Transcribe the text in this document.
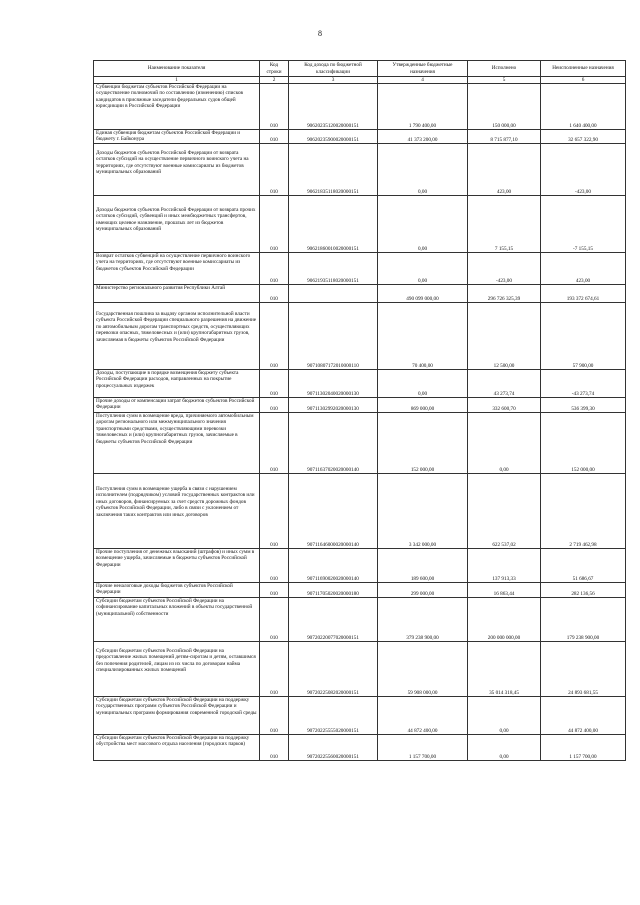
8
Наименование показателя	Код строки	Код дохода по бюджетной классификации	Утвержденные бюджетные назначения	Исполнено	Неисполненные назначения
1	2	3	4	5	6
Субвенции бюджетам субъектов Российской Федерации на осуществление полномочий по составлению (изменению) списков кандидатов в присяжные заседатели федеральных судов общей юрисдикции в Российской Федерации	010	90620235120020000151	1 790 400,00	150 000,00	1 640 400,00
Единая субвенция бюджетам субъектов Российской Федерации и бюджету г. Байконура	010	90620235900020000151	41 373 200,00	8 715 877,10	32 657 322,90
Доходы бюджетов субъектов Российской Федерации от возврата остатков субсидий на осуществление первичного воинского учета на территориях, где отсутствуют военные комиссариаты из бюджетов муниципальных образований	010	90621835118020000151	0,00	423,00	-423,00
Доходы бюджетов субъектов Российской Федерации от возврата прочих остатков субсидий, субвенций и иных межбюджетных трансфертов, имеющих целевое назначение, прошлых лет из бюджетов муниципальных образований	010	90621860010020000151	0,00	7 155,15	-7 155,15
Возврат остатков субвенций на осуществление первичного воинского учета на территориях, где отсутствуют военные комиссариаты из бюджетов субъектов Российской Федерации	010	90621935118020000151	0,00	-423,00	423,00
Министерство регионального развития Республики Алтай	010		490 099 000,00	296 726 325,39	193 372 674,61
Государственная пошлина за выдачу органом исполнительной власти субъекта Российской Федерации специального разрешения на движение по автомобильным дорогам транспортных средств, осуществляющих перевозки опасных, тяжеловесных и (или) крупногабаритных грузов, зачисляемая в бюджеты субъектов Российской Федерации	010	90710807172010000110	70 400,00	12 500,00	57 900,00
Доходы, поступающие в порядке возмещения бюджету субъекта Российской Федерации расходов, направленных на покрытие процессуальных издержек	010	90711302040020000130	0,00	43 273,74	-43 273,74
Прочие доходы от компенсации затрат бюджетов субъектов Российской Федерации	010	90711302992020000130	869 000,00	332 600,70	536 399,30
Поступления сумм в возмещение вреда, причиняемого автомобильным дорогам регионального или межмуниципального значения транспортными средствами, осуществляющими перевозки тяжеловесных и (или) крупногабаритных грузов, зачисляемые в бюджеты субъектов Российской Федерации	010	90711637020020000140	152 000,00	0,00	152 000,00
Поступления сумм в возмещение ущерба в связи с нарушением исполнителем (подрядчиком) условий государственных контрактов или иных договоров, финансируемых за счет средств дорожных фондов субъектов Российской Федерации, либо в связи с уклонением от заключения таких контрактов или иных договоров	010	90711646000020000140	3 342 000,00	622 537,02	2 719 462,98
Прочие поступления от денежных взысканий (штрафов) и иных сумм в возмещение ущерба, зачисляемые в бюджеты субъектов Российской Федерации	010	90711690020020000140	189 600,00	137 913,33	51 686,67
Прочие неналоговые доходы бюджетов субъектов Российской Федерации	010	90711705020020000180	299 000,00	16 863,44	282 136,56
Субсидии бюджетам субъектов Российской Федерации на софинансирование капитальных вложений в объекты государственной (муниципальной) собственности	010	90720220077020000151	379 238 900,00	200 000 000,00	179 238 900,00
Субсидии бюджетам субъектов Российской Федерации на предоставление жилых помещений детям-сиротам и детям, оставшимся без попечения родителей, лицам из их числа по договорам найма специализированных жилых помещений	010	90720225082020000151	59 908 000,00	35 014 318,45	24 893 681,55
Субсидии бюджетам субъектов Российской Федерации на поддержку государственных программ субъектов Российской Федерации и муниципальных программ формирования современной городской среды	010	90720225555020000151	44 872 400,00	0,00	44 872 400,00
Субсидии бюджетам субъектов Российской Федерации на поддержку обустройства мест массового отдыха населения (городских парков)	010	90720225560020000151	1 157 700,00	0,00	1 157 700,00
